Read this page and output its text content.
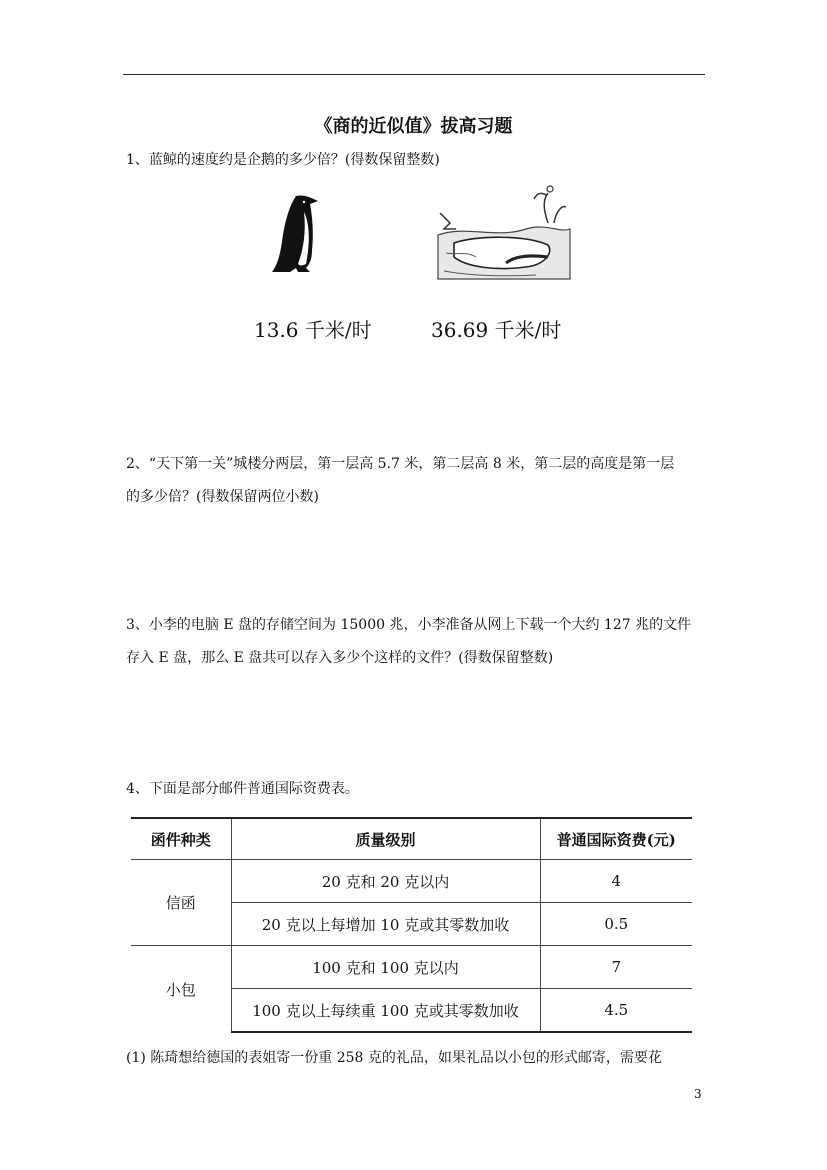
《商的近似值》拔高习题
1、蓝鲸的速度约是企鹅的多少倍？(得数保留整数)
13.6 千米/时	36.69 千米/时
2、“天下第一关”城楼分两层，第一层高 5.7 米，第二层高 8 米，第二层的高度是第一层
的多少倍？(得数保留两位小数)
3、小李的电脑 E 盘的存储空间为 15000 兆，小李准备从网上下载一个大约 127 兆的文件
存入 E 盘，那么 E 盘共可以存入多少个这样的文件？(得数保留整数)
4、下面是部分邮件普通国际资费表。
函件种类	质量级别	普通国际资费(元)
信函	20 克和 20 克以内	4
	20 克以上每增加 10 克或其零数加收	0.5
小包	100 克和 100 克以内	7
	100 克以上每续重 100 克或其零数加收	4.5
(1) 陈琦想给德国的表姐寄一份重 258 克的礼品，如果礼品以小包的形式邮寄，需要花
3
